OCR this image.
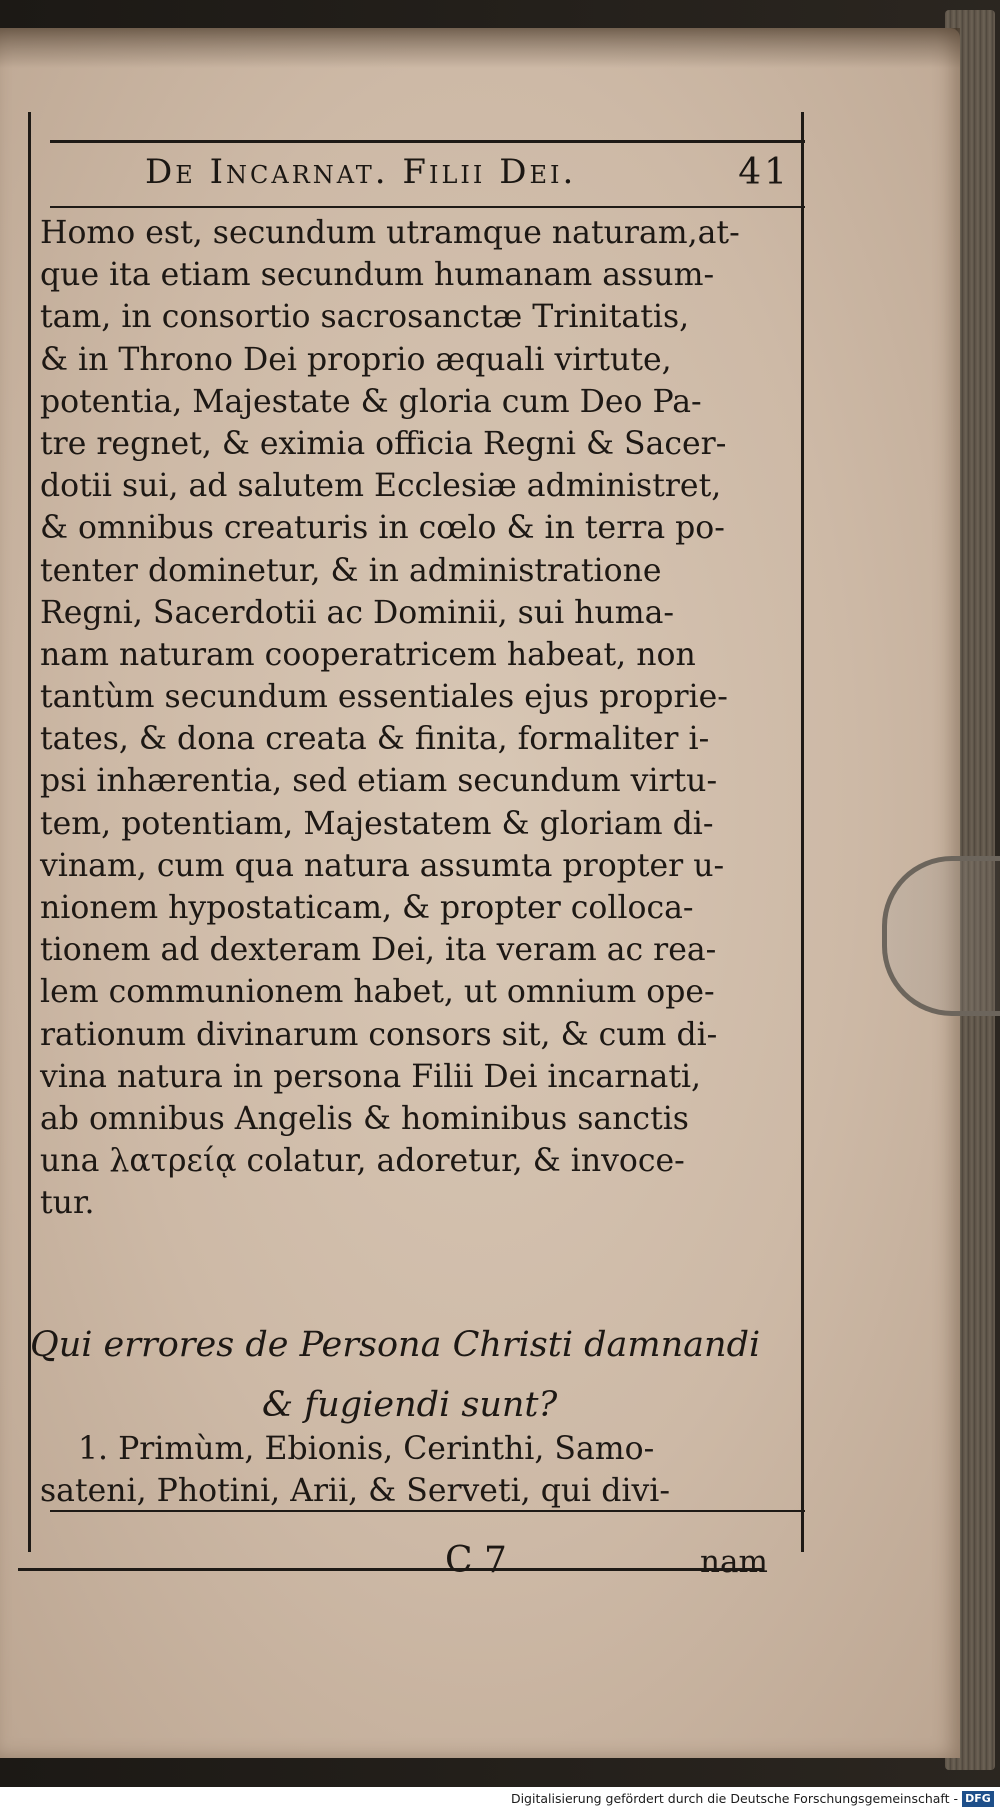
De Incarnat. Filii Dei.	41
Homo est, secundum utramque naturam,at-
que ita etiam secundum humanam assum-
tam, in consortio sacrosanctæ Trinitatis,
& in Throno Dei proprio æquali virtute,
potentia, Majestate & gloria cum Deo Pa-
tre regnet, & eximia officia Regni & Sacer-
dotii sui, ad salutem Ecclesiæ administret,
& omnibus creaturis in cœlo & in terra po-
tenter dominetur, & in administratione
Regni, Sacerdotii ac Dominii, sui huma-
nam naturam cooperatricem habeat, non
tantùm secundum essentiales ejus proprie-
tates, & dona creata & finita, formaliter i-
psi inhærentia, sed etiam secundum virtu-
tem, potentiam, Majestatem & gloriam di-
vinam, cum qua natura assumta propter u-
nionem hypostaticam, & propter colloca-
tionem ad dexteram Dei, ita veram ac rea-
lem communionem habet, ut omnium ope-
rationum divinarum consors sit, & cum di-
vina natura in persona Filii Dei incarnati,
ab omnibus Angelis & hominibus sanctis
una λατρείᾳ colatur, adoretur, & invoce-
tur.
Qui errores de Persona Christi damnandi
& fugiendi sunt?
1. Primùm, Ebionis, Cerinthi, Samo-
sateni, Photini, Arii, & Serveti, qui divi-
C 7	nam
Digitalisierung gefördert durch die Deutsche Forschungsgemeinschaft - DFG
